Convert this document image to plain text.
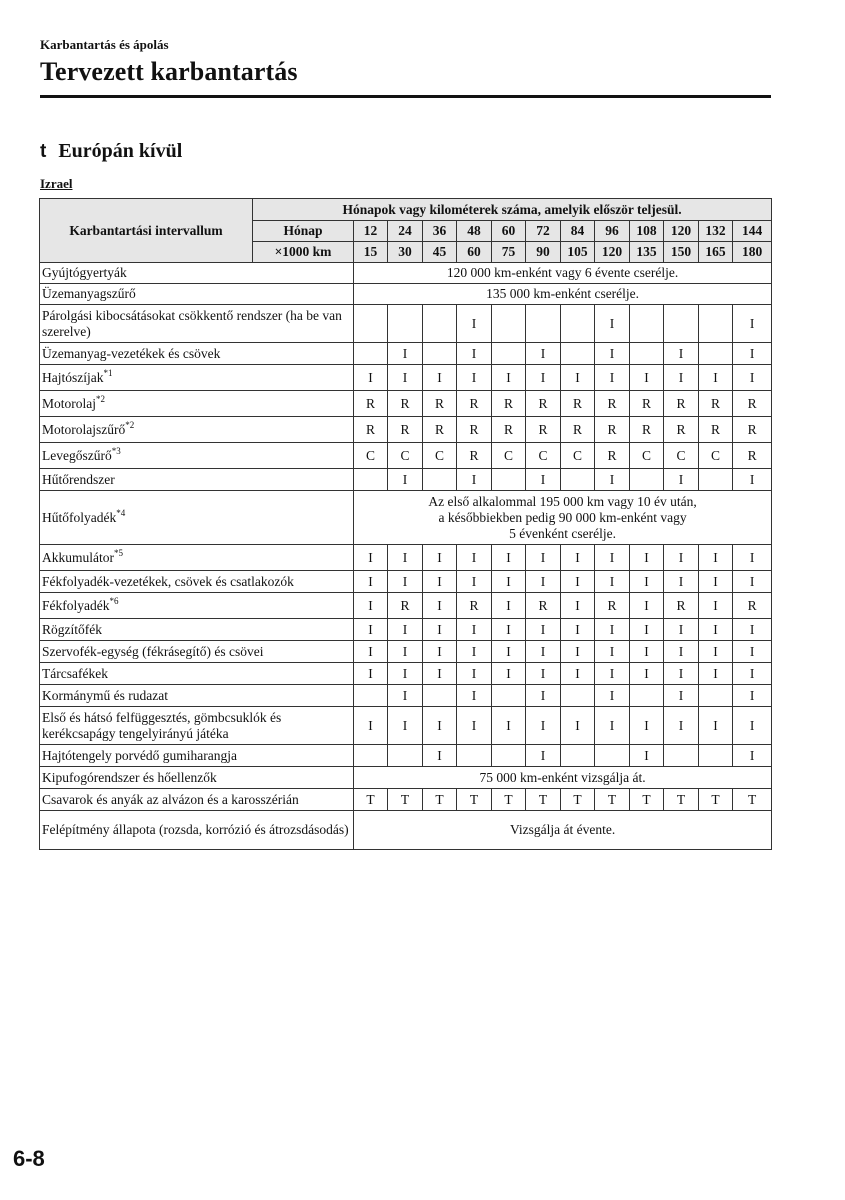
Karbantartás és ápolás
Tervezett karbantartás
t Európán kívül
Izrael
Karbantartási intervallum	Hónapok vagy kilométerek száma, amelyik először teljesül.												
	Hónap	12	24	36	48	60	72	84	96	108	120	132	144
	×1000 km	15	30	45	60	75	90	105	120	135	150	165	180
Gyújtógyertyák		120 000 km-enként vagy 6 évente cserélje.											
Üzemanyagszűrő		135 000 km-enként cserélje.											
Párolgási kibocsátásokat csökkentő rendszer (ha be van szerelve)					I				I				I
Üzemanyag-vezetékek és csövek			I		I		I		I		I		I
Hajtószíjak$^{*1}$		I	I	I	I	I	I	I	I	I	I	I	I
Motorolaj$^{*2}$		R	R	R	R	R	R	R	R	R	R	R	R
Motorolajszűrő$^{*2}$		R	R	R	R	R	R	R	R	R	R	R	R
Levegőszűrő$^{*3}$		C	C	C	R	C	C	C	R	C	C	C	R
Hűtőrendszer			I		I		I		I		I		I
Hűtőfolyadék$^{*4}$		Az első alkalommal 195 000 km vagy 10 év után,
a későbbiekben pedig 90 000 km-enként vagy
5 évenként cserélje.											
Akkumulátor$^{*5}$		I	I	I	I	I	I	I	I	I	I	I	I
Fékfolyadék-vezetékek, csövek és csatlakozók		I	I	I	I	I	I	I	I	I	I	I	I
Fékfolyadék$^{*6}$		I	R	I	R	I	R	I	R	I	R	I	R
Rögzítőfék		I	I	I	I	I	I	I	I	I	I	I	I
Szervofék-egység (fékrásegítő) és csövei		I	I	I	I	I	I	I	I	I	I	I	I
Tárcsafékek		I	I	I	I	I	I	I	I	I	I	I	I
Kormánymű és rudazat			I		I		I		I		I		I
Első és hátsó felfüggesztés, gömbcsuklók és kerékcsapágy tengelyirányú játéka		I	I	I	I	I	I	I	I	I	I	I	I
Hajtótengely porvédő gumiharangja				I			I			I			I
Kipufogórendszer és hőellenzők		75 000 km-enként vizsgálja át.											
Csavarok és anyák az alvázon és a karosszérián		T	T	T	T	T	T	T	T	T	T	T	T
Felépítmény állapota (rozsda, korrózió és átrozsdásodás)		Vizsgálja át évente.											
6-8
